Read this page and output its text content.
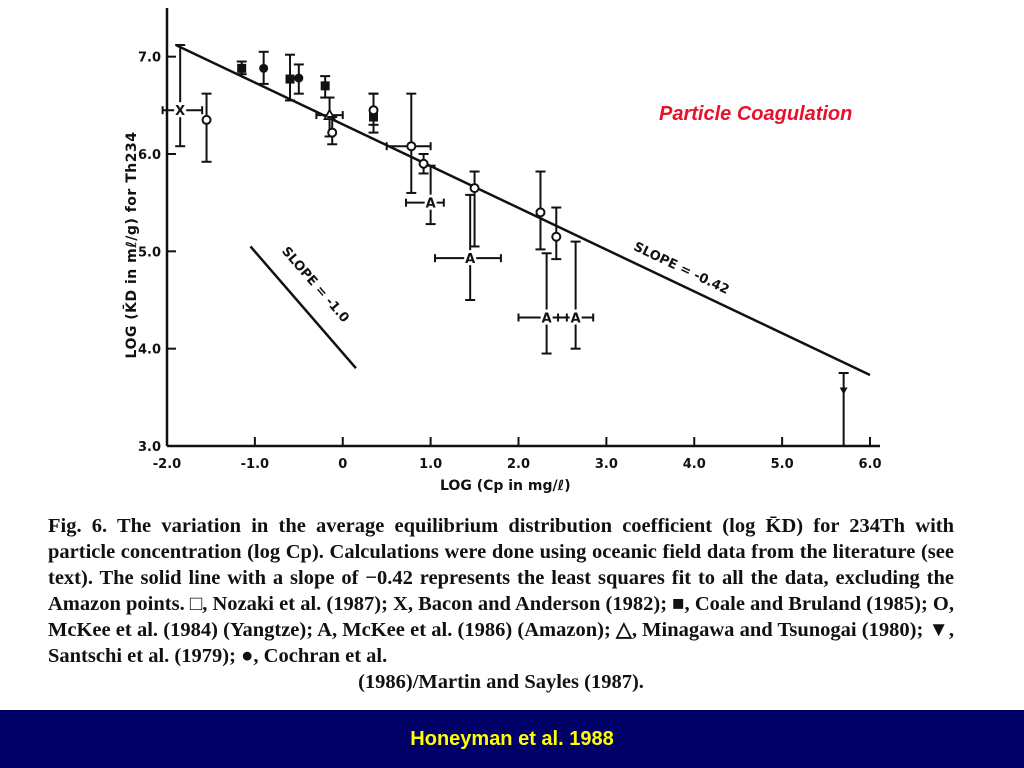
-2.0	-1.0	0	1.0	2.0	3.0	4.0	5.0	6.0
3.0
4.0
5.0
6.0
7.0
SLOPE = -0.42
SLOPE = -1.0
X
A
A
A A
LOG (K̄D in mℓ/g) for Th234
LOG (Cp in mg/ℓ)
Particle Coagulation
Fig. 6. The variation in the average equilibrium distribution coefficient (log K̄D) for 234Th with particle concentration (log Cp). Calculations were done using oceanic field data from the literature (see text). The solid line with a slope of −0.42 represents the least squares fit to all the data, excluding the Amazon points. □, Nozaki et al. (1987); X, Bacon and Anderson (1982); ■, Coale and Bruland (1985); O, McKee et al. (1984) (Yangtze); A, McKee et al. (1986) (Amazon); △, Minagawa and Tsunogai (1980); ▼, Santschi et al. (1979); ●, Cochran et al.
(1986)/Martin and Sayles (1987).
Honeyman et al. 1988
